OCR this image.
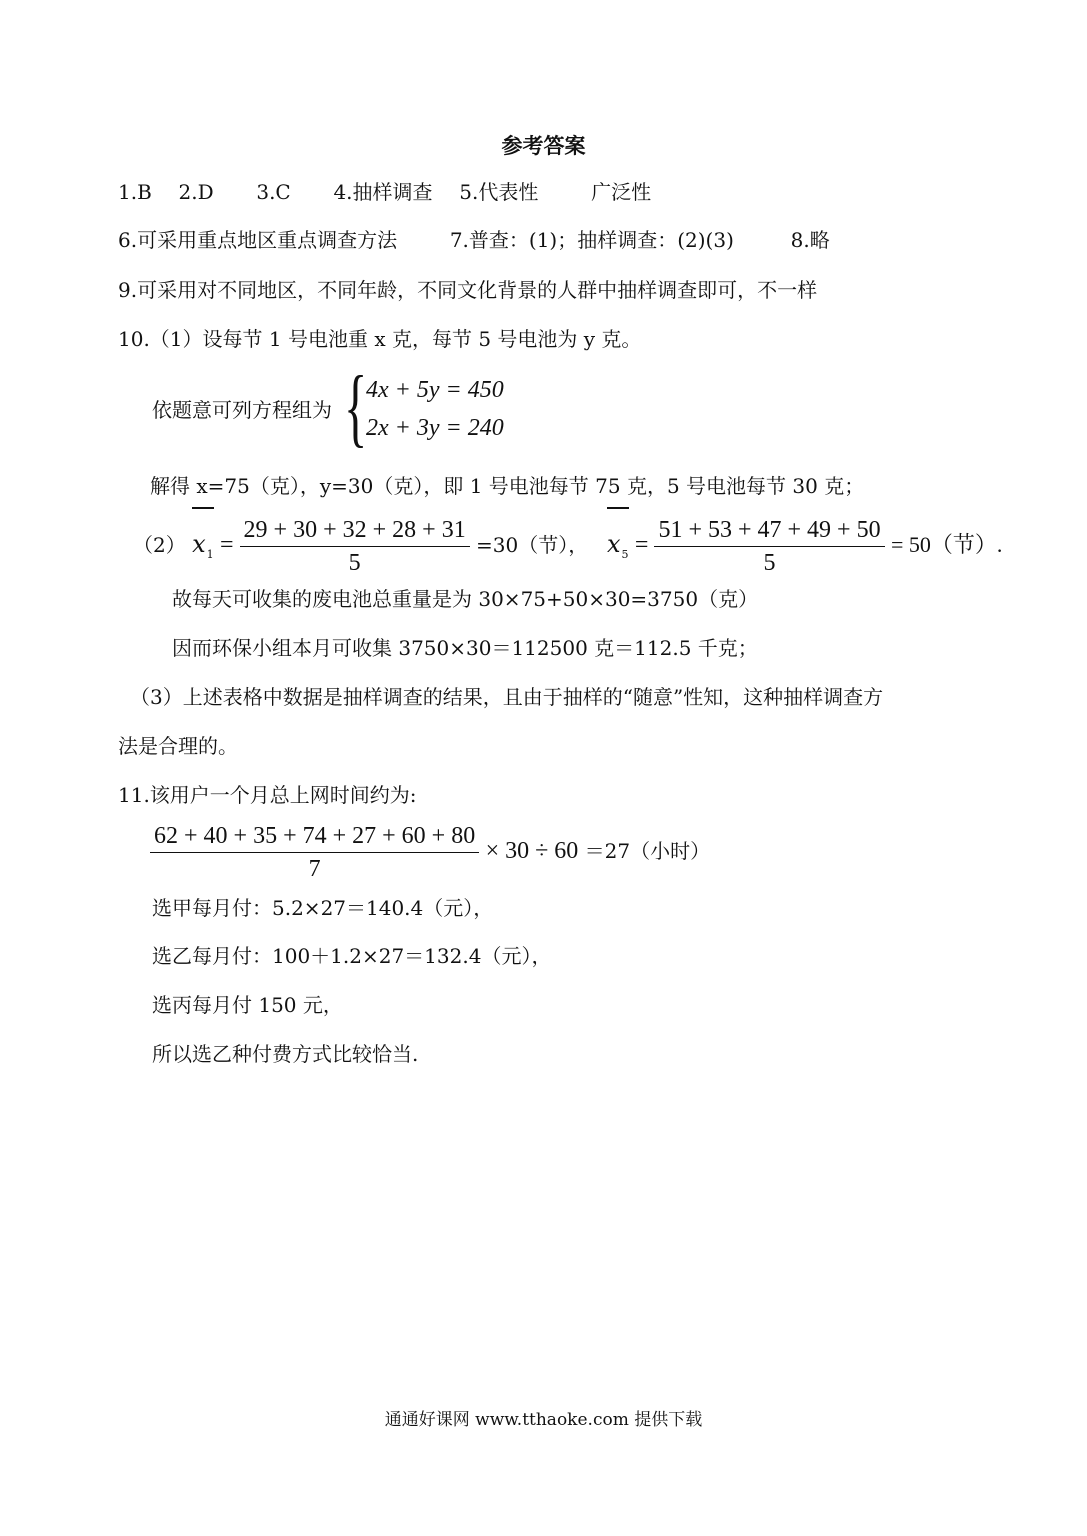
参考答案
1.B 2.D 3.C 4.抽样调查 5.代表性	广泛性
6.可采用重点地区重点调查方法	7.普查：(1)；抽样调查：(2)(3)	8.略
9.可采用对不同地区，不同年龄，不同文化背景的人群中抽样调查即可，不一样
10.（1）设每节 1 号电池重 x 克，每节 5 号电池为 y 克。
依题意可列方程组为 {
4x + 5y = 450
2x + 3y = 240
解得 x=75（克），y=30（克），即 1 号电池每节 75 克，5 号电池每节 30 克；
（2） $x_1 = \frac{29 + 30 + 32 + 28 + 31}{5} =30$（节）， $x_5 = \frac{51 + 53 + 47 + 49 + 50}{5} = 50$（节）.
故每天可收集的废电池总重量是为 30×75+50×30=3750（克）
因而环保小组本月可收集 3750×30＝112500 克＝112.5 千克；
（3）上述表格中数据是抽样调查的结果，且由于抽样的“随意”性知，这种抽样调查方
法是合理的。
11.该用户一个月总上网时间约为:
$\frac{62 + 40 + 35 + 74 + 27 + 60 + 80}{7} \times 30 \div 60 =27$（小时）
选甲每月付：5.2×27＝140.4（元），
选乙每月付：100＋1.2×27＝132.4（元），
选丙每月付 150 元，
所以选乙种付费方式比较恰当.
通通好课网 www.tthaoke.com 提供下载
